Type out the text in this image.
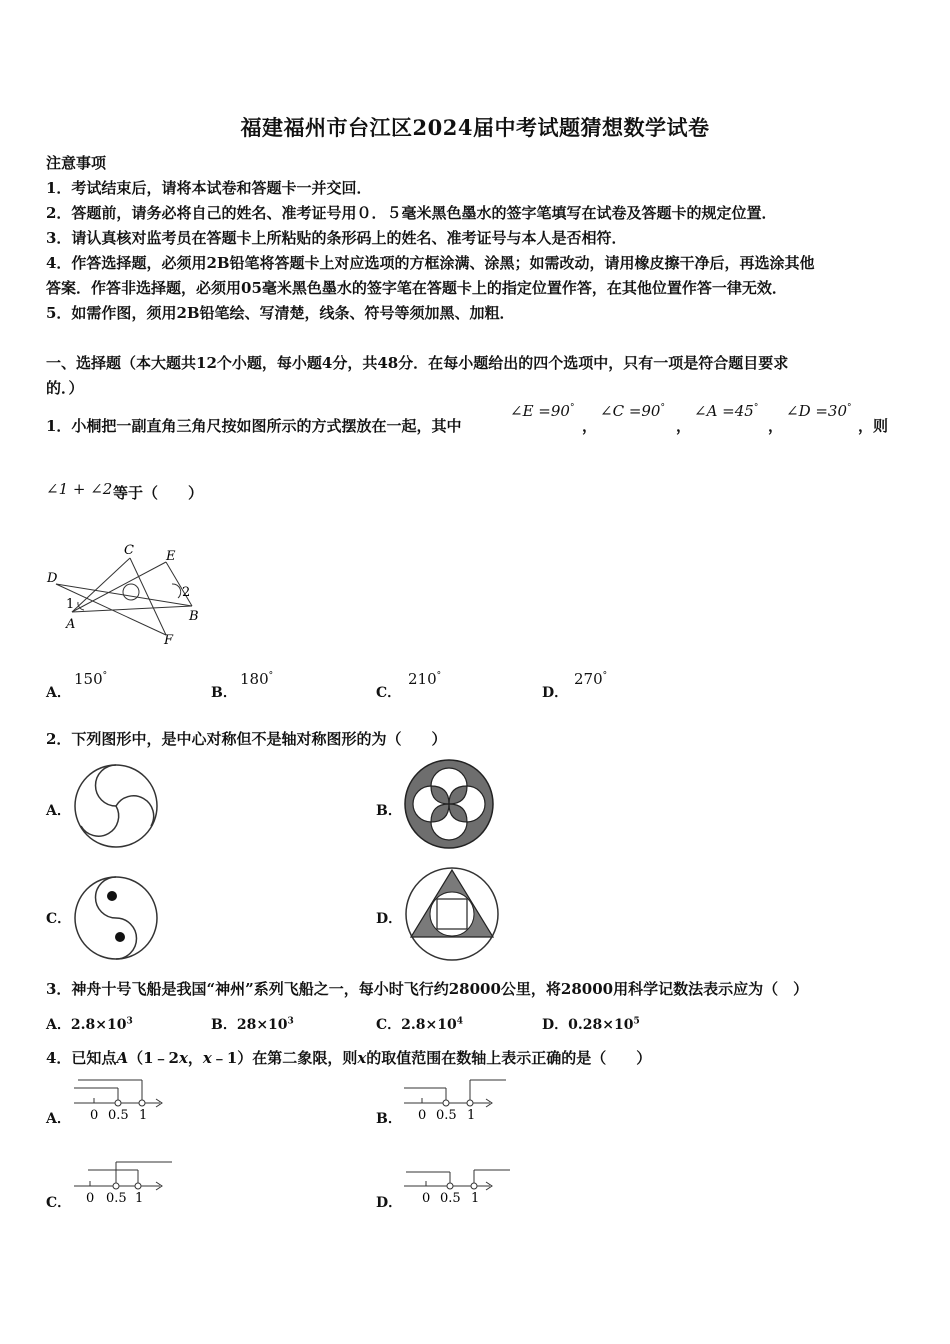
福建福州市台江区2024届中考试题猜想数学试卷
注意事项
1．考试结束后，请将本试卷和答题卡一并交回．
2．答题前，请务必将自己的姓名、准考证号用０．５毫米黑色墨水的签字笔填写在试卷及答题卡的规定位置．
3．请认真核对监考员在答题卡上所粘贴的条形码上的姓名、准考证号与本人是否相符．
4．作答选择题，必须用2B铅笔将答题卡上对应选项的方框涂满、涂黑；如需改动，请用橡皮擦干净后，再选涂其他
答案．作答非选择题，必须用05毫米黑色墨水的签字笔在答题卡上的指定位置作答，在其他位置作答一律无效．
5．如需作图，须用2B铅笔绘、写清楚，线条、符号等须加黑、加粗．
一、选择题（本大题共12个小题，每小题4分，共48分．在每小题给出的四个选项中，只有一项是符合题目要求
的．）
1．小桐把一副直角三角尺按如图所示的方式摆放在一起，其中
∠E =90°
，
∠C =90°
，
∠A =45°
，
∠D =30°
，则
∠1 + ∠2 等于（　　）
C E
D
1
2
A
B
F
A．
150°
B．
180°
C．
210°
D．
270°
2．下列图形中，是中心对称但不是轴对称图形的为（　　）
A．	B．
C．	D．
3．神舟十号飞船是我国“神州”系列飞船之一，每小时飞行约28000公里，将28000用科学记数法表示应为（　）
A．$2.8\times 10^3$	B．$28\times 10^3$	C．$2.8\times 10^4$	D．$0.28\times 10^5$
4．已知点A（1﹣2x，x﹣1）在第二象限，则x的取值范围在数轴上表示正确的是（　　）
A． 0 0.5 1	B． 0 0.5 1
C． 0 0.5 1	D． 0 0.5 1
